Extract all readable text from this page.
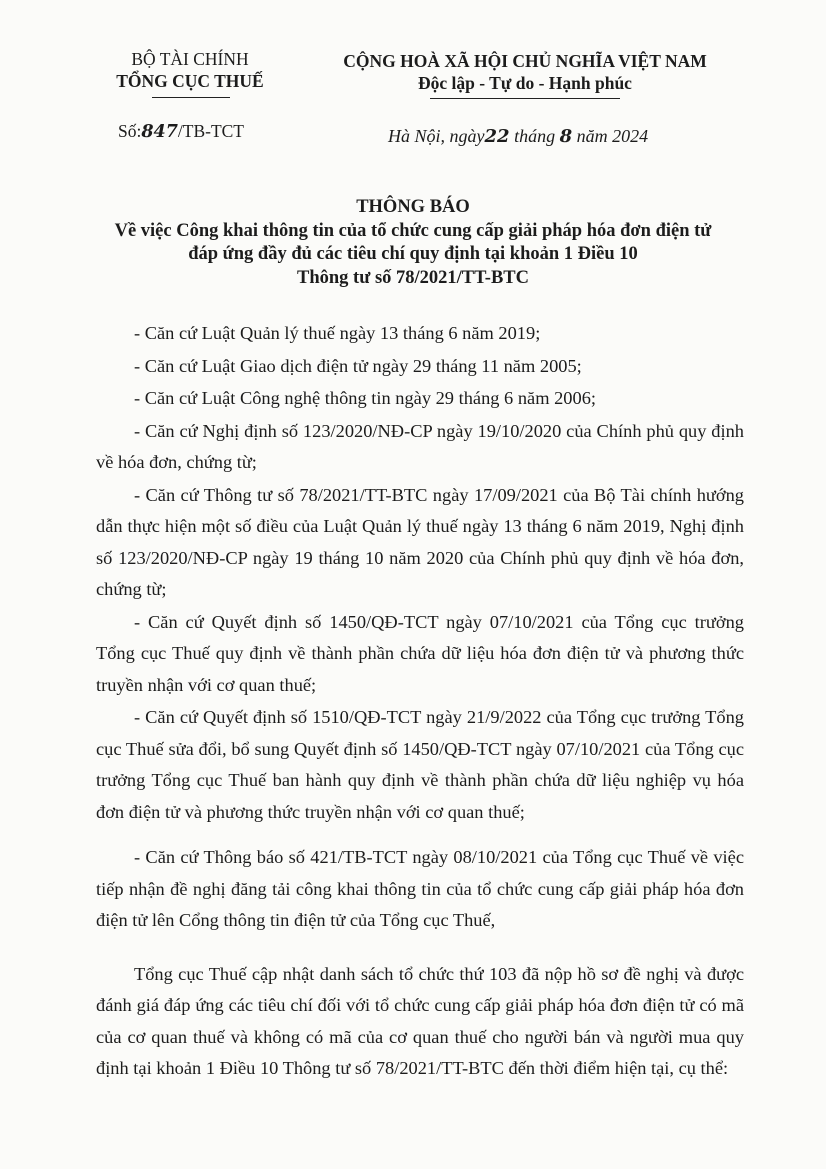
BỘ TÀI CHÍNH
TỔNG CỤC THUẾ
Số:847/TB-TCT
CỘNG HOÀ XÃ HỘI CHỦ NGHĨA VIỆT NAM
Độc lập - Tự do - Hạnh phúc
Hà Nội, ngày22 tháng 8 năm 2024
THÔNG BÁO
Về việc Công khai thông tin của tổ chức cung cấp giải pháp hóa đơn điện tử
đáp ứng đầy đủ các tiêu chí quy định tại khoản 1 Điều 10
Thông tư số 78/2021/TT-BTC

- Căn cứ Luật Quản lý thuế ngày 13 tháng 6 năm 2019;

- Căn cứ Luật Giao dịch điện tử ngày 29 tháng 11 năm 2005;

- Căn cứ Luật Công nghệ thông tin ngày 29 tháng 6 năm 2006;

- Căn cứ Nghị định số 123/2020/NĐ-CP ngày 19/10/2020 của Chính phủ quy định về hóa đơn, chứng từ;

- Căn cứ Thông tư số 78/2021/TT-BTC ngày 17/09/2021 của Bộ Tài chính hướng dẫn thực hiện một số điều của Luật Quản lý thuế ngày 13 tháng 6 năm 2019, Nghị định số 123/2020/NĐ-CP ngày 19 tháng 10 năm 2020 của Chính phủ quy định về hóa đơn, chứng từ;

- Căn cứ Quyết định số 1450/QĐ-TCT ngày 07/10/2021 của Tổng cục trưởng Tổng cục Thuế quy định về thành phần chứa dữ liệu hóa đơn điện tử và phương thức truyền nhận với cơ quan thuế;

- Căn cứ Quyết định số 1510/QĐ-TCT ngày 21/9/2022 của Tổng cục trưởng Tổng cục Thuế sửa đổi, bổ sung Quyết định số 1450/QĐ-TCT ngày 07/10/2021 của Tổng cục trưởng Tổng cục Thuế ban hành quy định về thành phần chứa dữ liệu nghiệp vụ hóa đơn điện tử và phương thức truyền nhận với cơ quan thuế;

- Căn cứ Thông báo số 421/TB-TCT ngày 08/10/2021 của Tổng cục Thuế về việc tiếp nhận đề nghị đăng tải công khai thông tin của tổ chức cung cấp giải pháp hóa đơn điện tử lên Cổng thông tin điện tử của Tổng cục Thuế,

Tổng cục Thuế cập nhật danh sách tổ chức thứ 103 đã nộp hồ sơ đề nghị và được đánh giá đáp ứng các tiêu chí đối với tổ chức cung cấp giải pháp hóa đơn điện tử có mã của cơ quan thuế và không có mã của cơ quan thuế cho người bán và người mua quy định tại khoản 1 Điều 10 Thông tư số 78/2021/TT-BTC đến thời điểm hiện tại, cụ thể:
